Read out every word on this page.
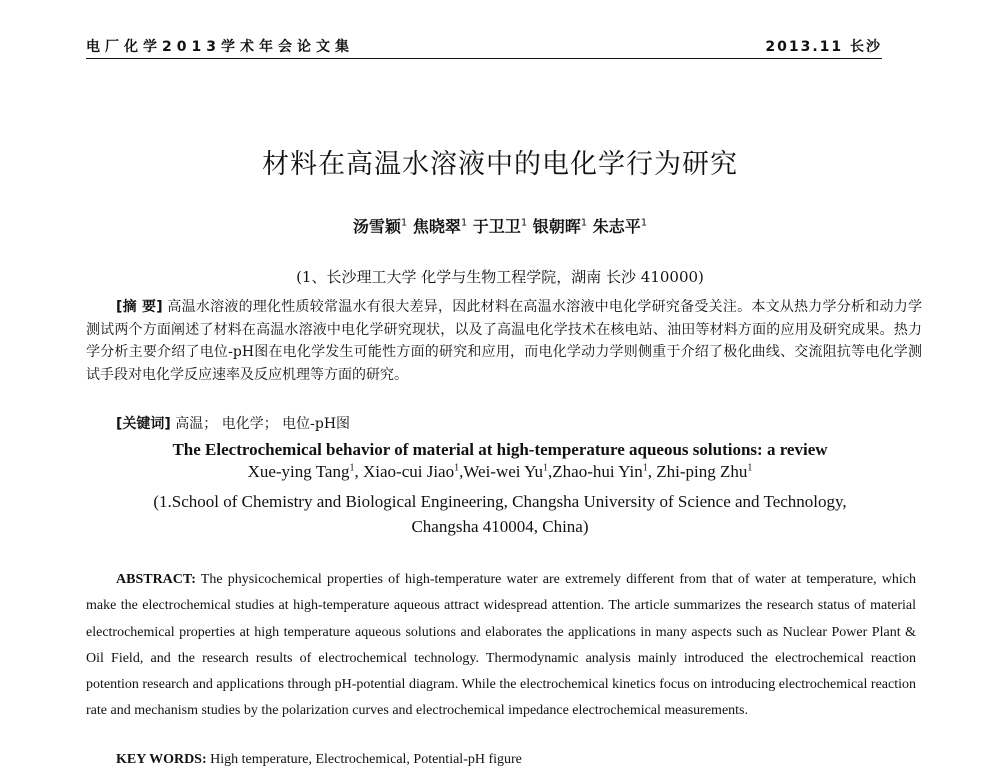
电厂化学2013学术年会论文集	2013.11 长沙
材料在高温水溶液中的电化学行为研究
汤雪颖$^1$ 焦晓翠$^1$ 于卫卫$^1$ 银朝晖$^1$ 朱志平$^1$
(1、长沙理工大学 化学与生物工程学院，湖南 长沙 410000)
[摘 要] 高温水溶液的理化性质较常温水有很大差异，因此材料在高温水溶液中电化学研究备受关注。本文从热力学分析和动力学测试两个方面阐述了材料在高温水溶液中电化学研究现状，以及了高温电化学技术在核电站、油田等材料方面的应用及研究成果。热力学分析主要介绍了电位-pH图在电化学发生可能性方面的研究和应用，而电化学动力学则侧重于介绍了极化曲线、交流阻抗等电化学测试手段对电化学反应速率及反应机理等方面的研究。
[关键词] 高温； 电化学； 电位-pH图
The Electrochemical behavior of material at high-temperature aqueous solutions: a review
Xue-ying Tang$^1$, Xiao-cui Jiao$^1$,Wei-wei Yu$^1$,Zhao-hui Yin$^1$, Zhi-ping Zhu$^1$
(1.School of Chemistry and Biological Engineering, Changsha University of Science and Technology,
Changsha 410004, China)
ABSTRACT: The physicochemical properties of high-temperature water are extremely different from that of water at temperature, which make the electrochemical studies at high-temperature aqueous attract widespread attention. The article summarizes the research status of material electrochemical properties at high temperature aqueous solutions and elaborates the applications in many aspects such as Nuclear Power Plant & Oil Field, and the research results of electrochemical technology. Thermodynamic analysis mainly introduced the electrochemical reaction potention research and applications through pH-potential diagram. While the electrochemical kinetics focus on introducing electrochemical reaction rate and mechanism studies by the polarization curves and electrochemical impedance electrochemical measurements.
KEY WORDS: High temperature, Electrochemical, Potential-pH figure
